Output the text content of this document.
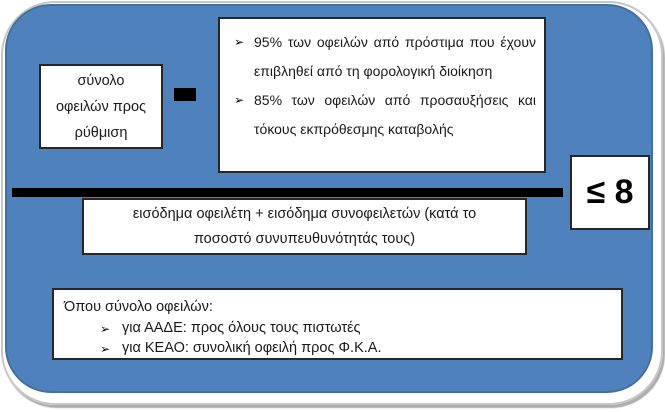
σύνολο
οφειλών προς
ρύθμιση
➢ 95% των οφειλών από πρόστιμα που έχουν επιβληθεί από τη φορολογική διοίκηση
➢ 85% των οφειλών από προσαυξήσεις και τόκους εκπρόθεσμης καταβολής
εισόδημα οφειλέτη + εισόδημα συνοφειλετών (κατά το
ποσοστό συνυπευθυνότητάς τους)
≤ 8
Όπου σύνολο οφειλών:
➢ για ΑΑΔΕ: προς όλους τους πιστωτές
➢ για ΚΕΑΟ: συνολική οφειλή προς Φ.Κ.Α.
